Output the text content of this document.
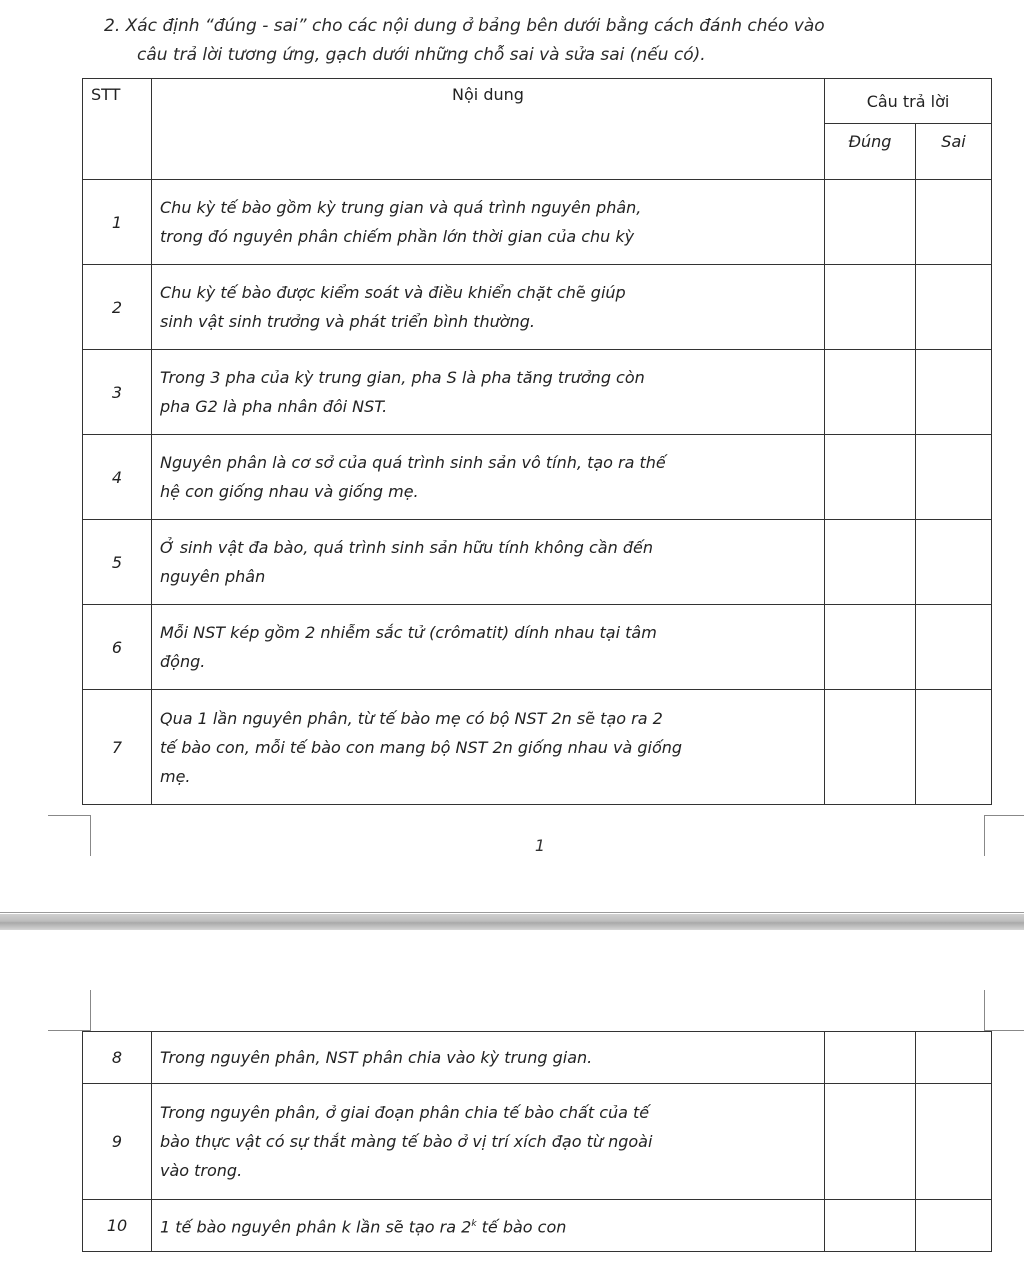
2. Xác định “đúng - sai” cho các nội dung ở bảng bên dưới bằng cách đánh chéo vào

câu trả lời tương ứng, gạch dưới những chỗ sai và sửa sai (nếu có).
STT	Nội dung	Câu trả lời	
		Đúng	Sai
1	Chu kỳ tế bào gồm kỳ trung gian và quá trình nguyên phân,
trong đó nguyên phân chiếm phần lớn thời gian của chu kỳ		
2	Chu kỳ tế bào được kiểm soát và điều khiển chặt chẽ giúp
sinh vật sinh trưởng và phát triển bình thường.		
3	Trong 3 pha của kỳ trung gian, pha S là pha tăng trưởng còn
pha G2 là pha nhân đôi NST.		
4	Nguyên phân là cơ sở của quá trình sinh sản vô tính, tạo ra thế
hệ con giống nhau và giống mẹ.		
5	Ở sinh vật đa bào, quá trình sinh sản hữu tính không cần đến
nguyên phân		
6	Mỗi NST kép gồm 2 nhiễm sắc tử (crômatit) dính nhau tại tâm
động.		
7	Qua 1 lần nguyên phân, từ tế bào mẹ có bộ NST 2n sẽ tạo ra 2
tế bào con, mỗi tế bào con mang bộ NST 2n giống nhau và giống
mẹ.		
1
8	Trong nguyên phân, NST phân chia vào kỳ trung gian.		
9	Trong nguyên phân, ở giai đoạn phân chia tế bào chất của tế
bào thực vật có sự thắt màng tế bào ở vị trí xích đạo từ ngoài
vào trong.		
10	1 tế bào nguyên phân k lần sẽ tạo ra 2$^k$ tế bào con		
